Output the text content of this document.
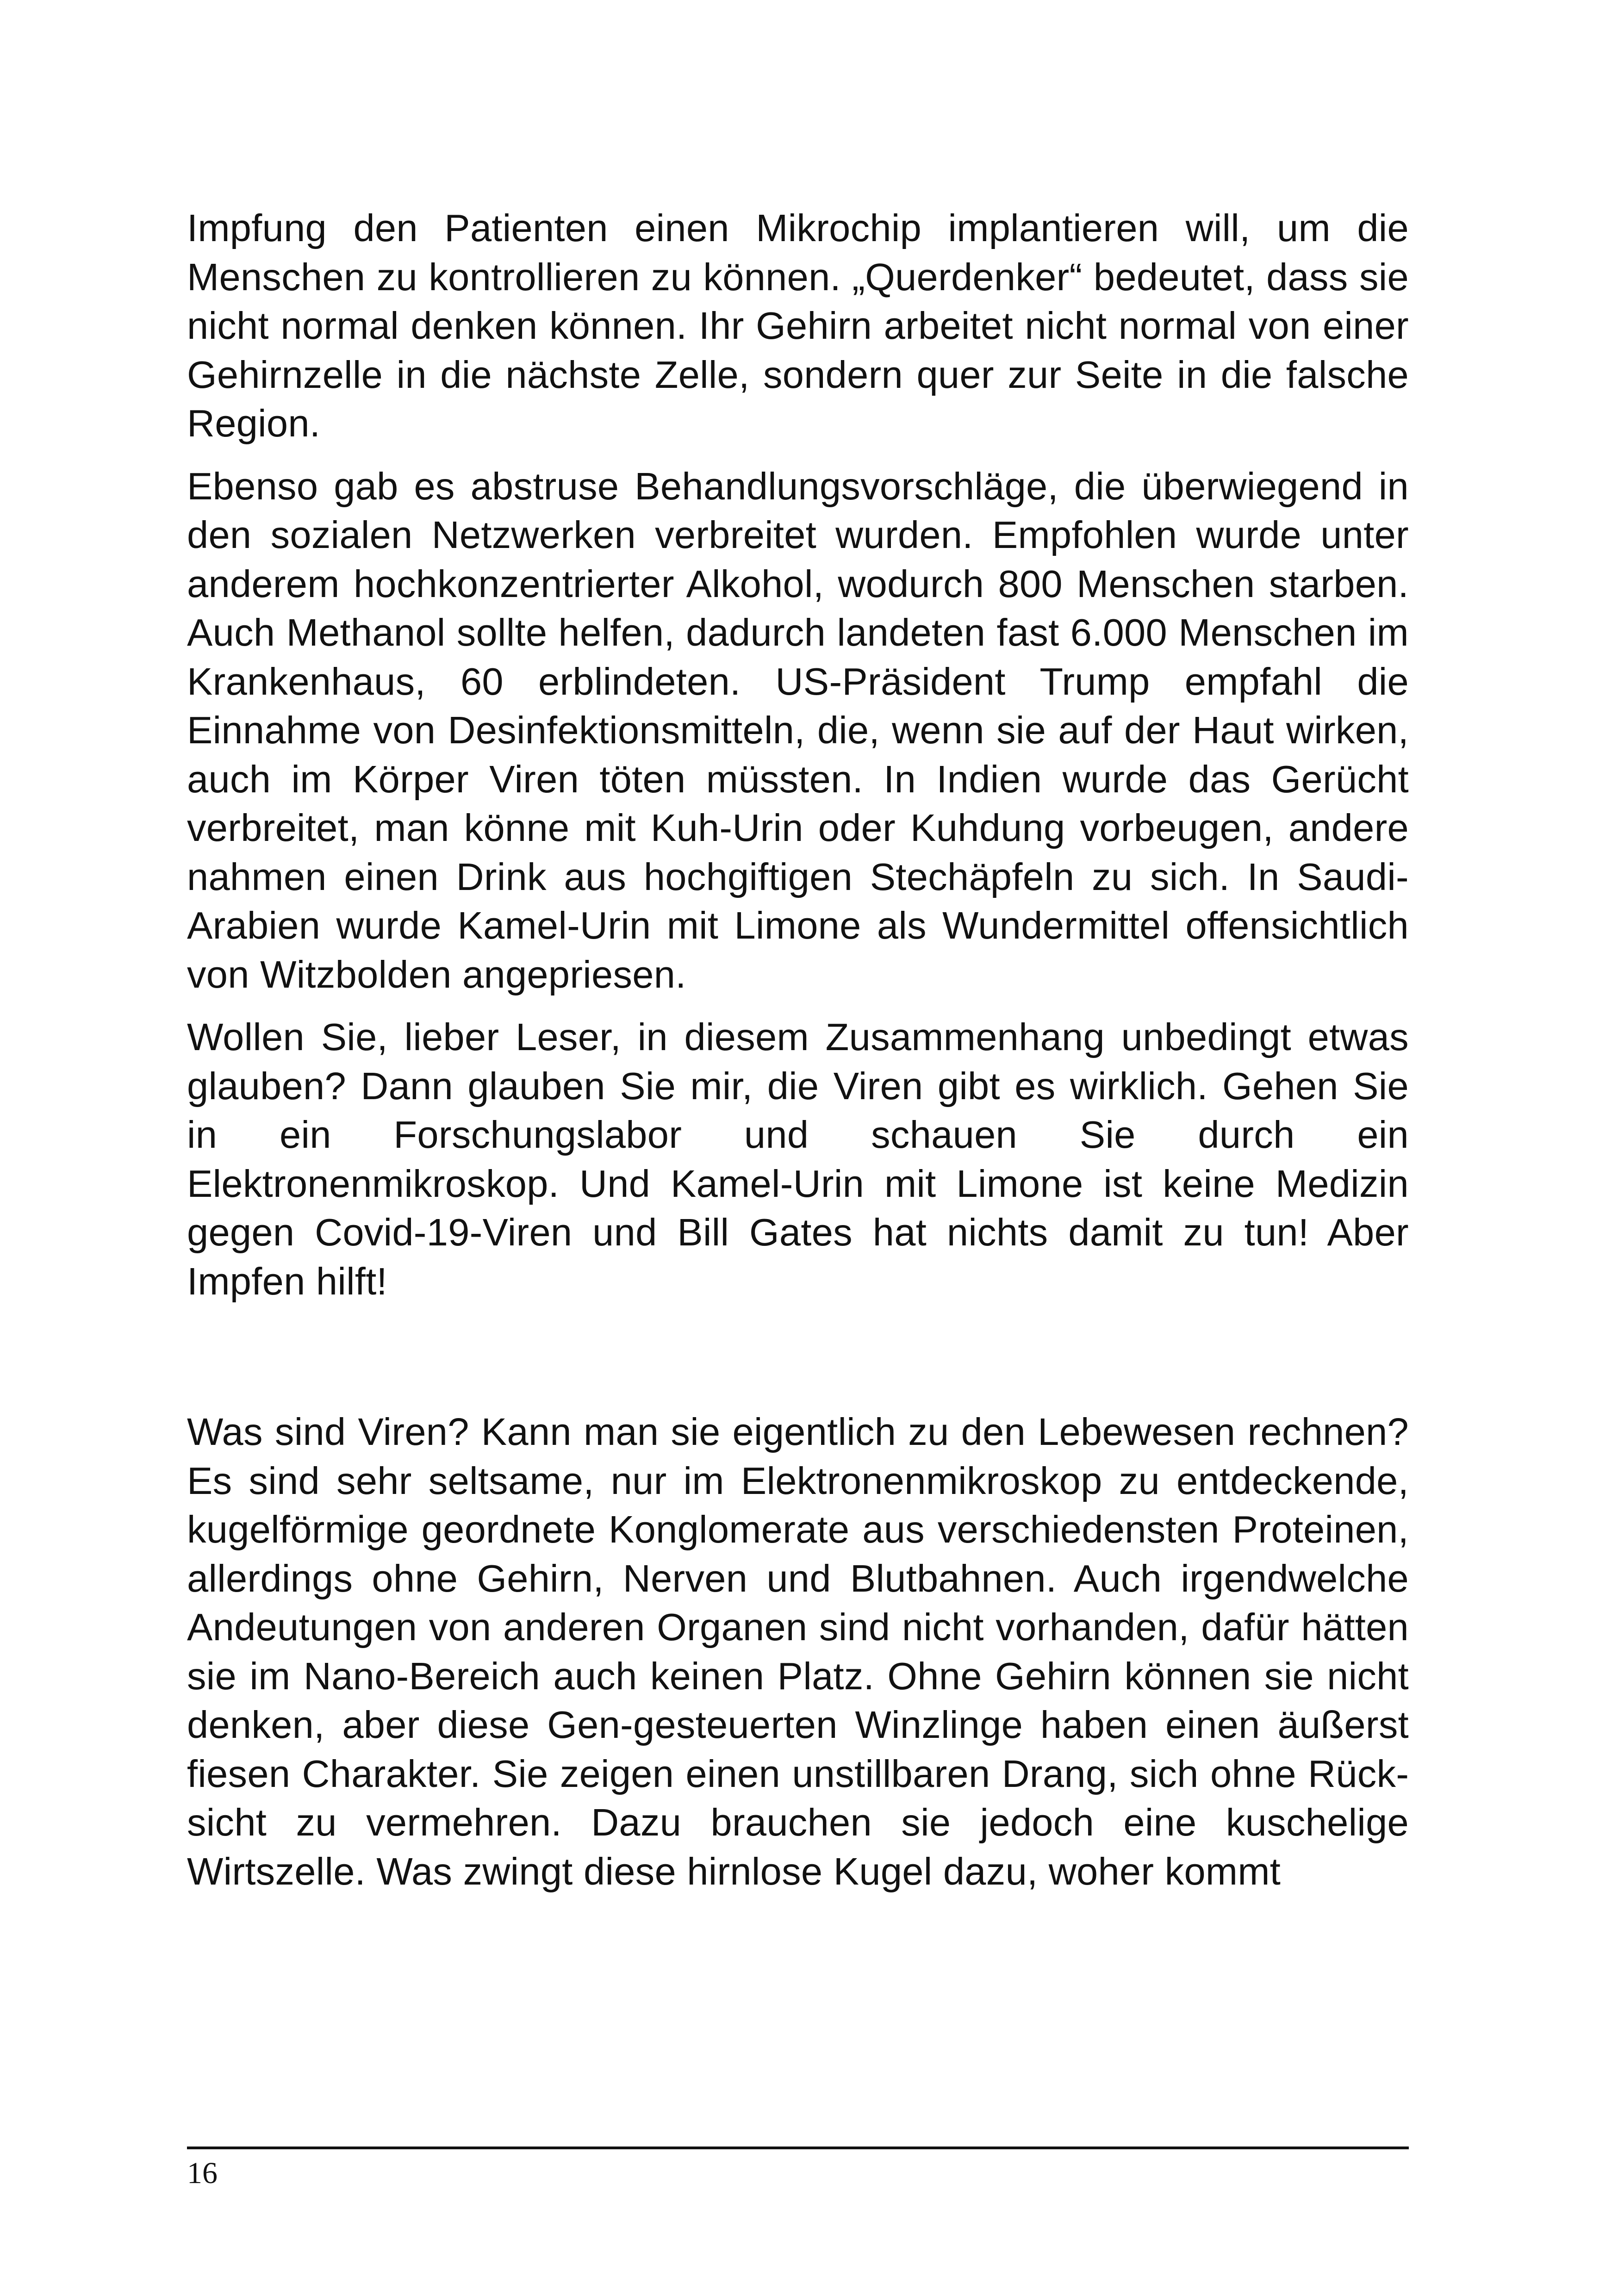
Impfung den Patienten einen Mikrochip implantieren will, um die Menschen zu kontrollieren zu können. „Querdenker“ bedeutet, dass sie nicht normal denken können. Ihr Gehirn arbeitet nicht normal von einer Gehirnzelle in die nächste Zelle, sondern quer zur Seite in die falsche Region.

Ebenso gab es abstruse Behandlungsvorschläge, die überwiegend in den sozialen Netzwerken verbreitet wurden. Empfohlen wurde unter anderem hochkonzentrierter Alkohol, wodurch 800 Menschen starben. Auch Methanol sollte helfen, dadurch landeten fast 6.000 Menschen im Krankenhaus, 60 erblindeten. US-Präsident Trump empfahl die Einnahme von Desinfektionsmitteln, die, wenn sie auf der Haut wirken, auch im Körper Viren töten müssten. In Indien wurde das Gerücht verbreitet, man könne mit Kuh-Urin oder Kuhdung vorbeugen, andere nahmen einen Drink aus hochgiftigen Stechäpfeln zu sich. In Saudi-Arabien wurde Kamel-Urin mit Limone als Wundermittel offensichtlich von Witzbolden angepriesen.

Wollen Sie, lieber Leser, in diesem Zusammenhang unbedingt etwas glauben? Dann glauben Sie mir, die Viren gibt es wirklich. Gehen Sie in ein Forschungslabor und schauen Sie durch ein Elektronenmikroskop. Und Kamel-Urin mit Limone ist keine Medizin gegen Covid-19-Viren und Bill Gates hat nichts damit zu tun! Aber Impfen hilft!

Was sind Viren? Kann man sie eigentlich zu den Lebewesen rechnen? Es sind sehr seltsame, nur im Elektronenmikroskop zu entdeckende, kugelförmige geordnete Konglomerate aus verschiedensten Proteinen, allerdings ohne Gehirn, Nerven und Blutbahnen. Auch irgendwelche Andeutungen von anderen Organen sind nicht vorhanden, dafür hätten sie im Nano-Bereich auch keinen Platz. Ohne Gehirn können sie nicht denken, aber diese Gen-gesteuerten Winzlinge haben einen äußerst fiesen Charakter. Sie zeigen einen unstillbaren Drang, sich ohne Rücksicht zu vermehren. Dazu brauchen sie jedoch eine kuschelige Wirtszelle. Was zwingt diese hirnlose Kugel dazu, woher kommt

16
